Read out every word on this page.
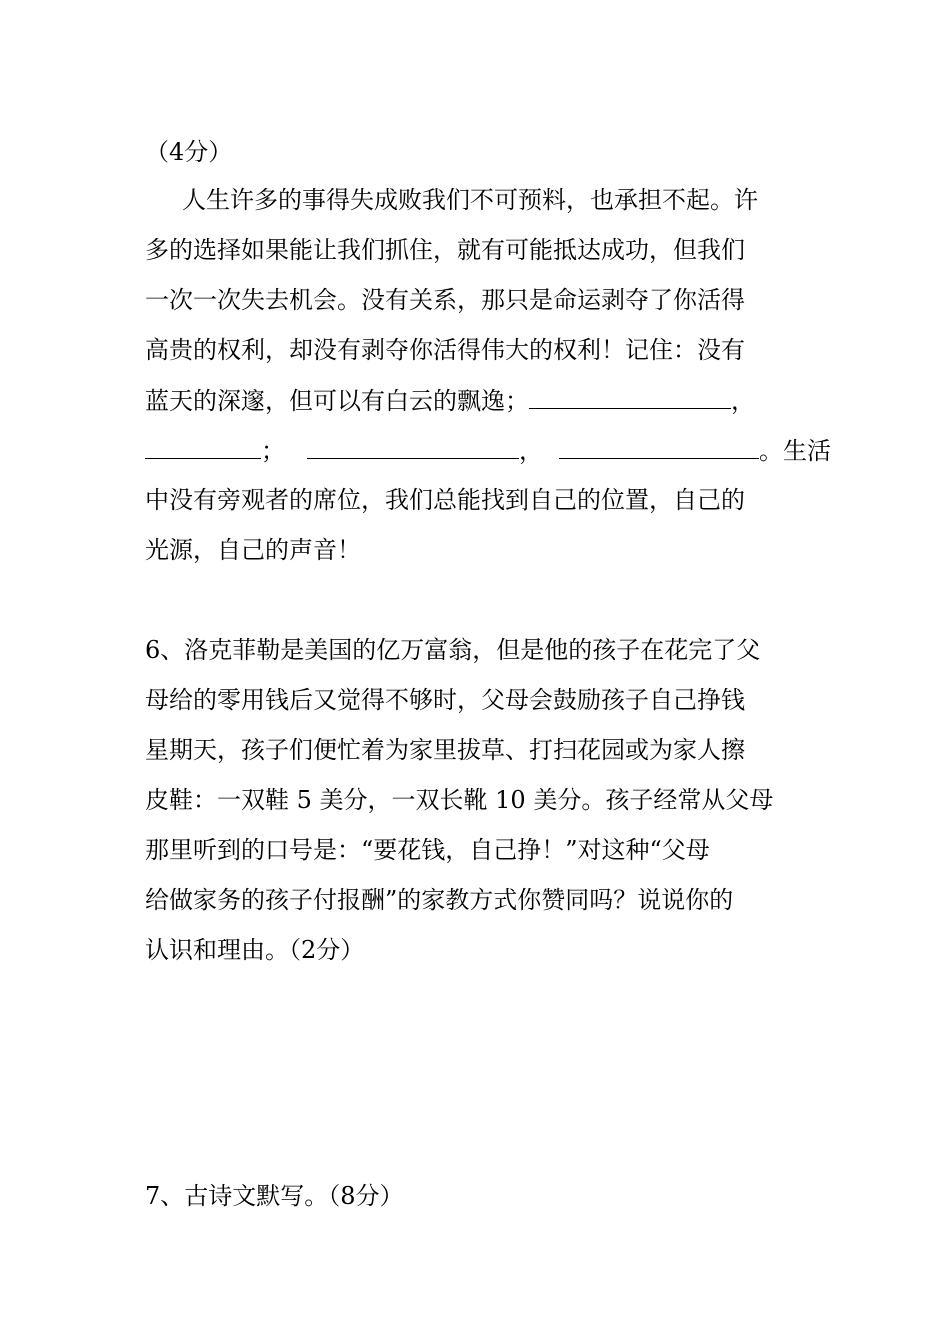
（4分）
人生许多的事得失成败我们不可预料，也承担不起。许
多的选择如果能让我们抓住，就有可能抵达成功，但我们
一次一次失去机会。没有关系，那只是命运剥夺了你活得
高贵的权利，却没有剥夺你活得伟大的权利！记住：没有
蓝天的深邃，但可以有白云的飘逸；	，
；	，	。生活
中没有旁观者的席位，我们总能找到自己的位置，自己的
光源，自己的声音！
6、洛克菲勒是美国的亿万富翁，但是他的孩子在花完了父
母给的零用钱后又觉得不够时，父母会鼓励孩子自己挣钱
星期天，孩子们便忙着为家里拔草、打扫花园或为家人擦
皮鞋：一双鞋 5 美分，一双长靴 10 美分。孩子经常从父母
那里听到的口号是：“要花钱，自己挣！”对这种“父母
给做家务的孩子付报酬”的家教方式你赞同吗？说说你的
认识和理由。（2分）
7、古诗文默写。（8分）
